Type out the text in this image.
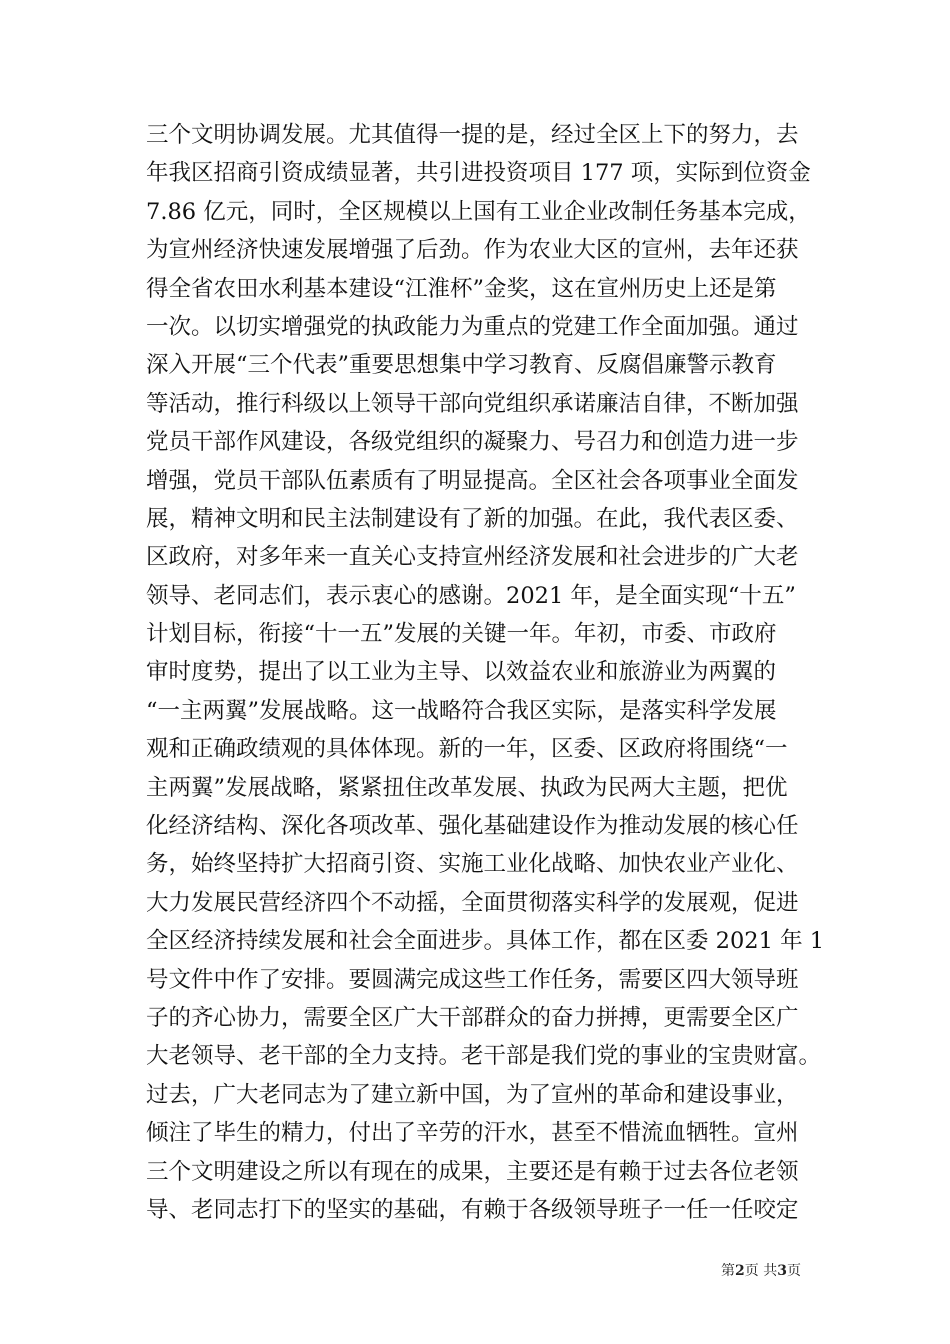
三个文明协调发展。尤其值得一提的是，经过全区上下的努力，去
年我区招商引资成绩显著，共引进投资项目 177 项，实际到位资金
7.86 亿元，同时，全区规模以上国有工业企业改制任务基本完成，
为宣州经济快速发展增强了后劲。作为农业大区的宣州，去年还获
得全省农田水利基本建设“江淮杯”金奖，这在宣州历史上还是第
一次。以切实增强党的执政能力为重点的党建工作全面加强。通过
深入开展“三个代表”重要思想集中学习教育、反腐倡廉警示教育
等活动，推行科级以上领导干部向党组织承诺廉洁自律，不断加强
党员干部作风建设，各级党组织的凝聚力、号召力和创造力进一步
增强，党员干部队伍素质有了明显提高。全区社会各项事业全面发
展，精神文明和民主法制建设有了新的加强。在此，我代表区委、
区政府，对多年来一直关心支持宣州经济发展和社会进步的广大老
领导、老同志们，表示衷心的感谢。2021 年，是全面实现“十五”
计划目标，衔接“十一五”发展的关键一年。年初，市委、市政府
审时度势，提出了以工业为主导、以效益农业和旅游业为两翼的
“一主两翼”发展战略。这一战略符合我区实际，是落实科学发展
观和正确政绩观的具体体现。新的一年，区委、区政府将围绕“一
主两翼”发展战略，紧紧扭住改革发展、执政为民两大主题，把优
化经济结构、深化各项改革、强化基础建设作为推动发展的核心任
务，始终坚持扩大招商引资、实施工业化战略、加快农业产业化、
大力发展民营经济四个不动摇，全面贯彻落实科学的发展观，促进
全区经济持续发展和社会全面进步。具体工作，都在区委 2021 年 1
号文件中作了安排。要圆满完成这些工作任务，需要区四大领导班
子的齐心协力，需要全区广大干部群众的奋力拼搏，更需要全区广
大老领导、老干部的全力支持。老干部是我们党的事业的宝贵财富。
过去，广大老同志为了建立新中国，为了宣州的革命和建设事业，
倾注了毕生的精力，付出了辛劳的汗水，甚至不惜流血牺牲。宣州
三个文明建设之所以有现在的成果，主要还是有赖于过去各位老领
导、老同志打下的坚实的基础，有赖于各级领导班子一任一任咬定
第2页 共3页
